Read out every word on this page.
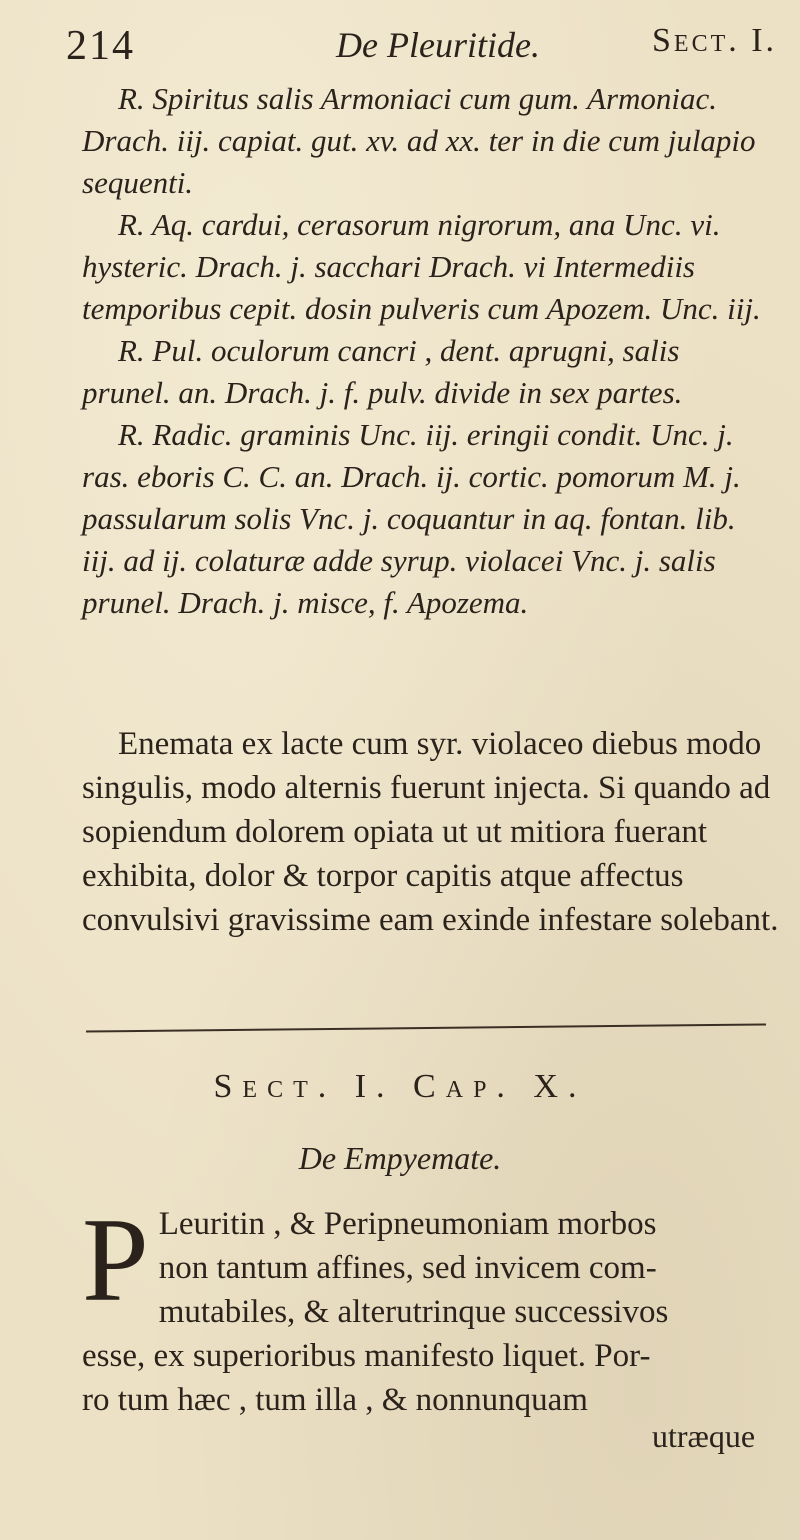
214	De Pleuritide.	Sect. I.

R. Spiritus salis Armoniaci cum gum. Armoniac. Drach. iij. capiat. gut. xv. ad xx. ter in die cum julapio sequenti.

R. Aq. cardui, cerasorum nigrorum, ana Unc. vi. hysteric. Drach. j. sacchari Drach. vi Intermediis temporibus cepit. dosin pulveris cum Apozem. Unc. iij.

R. Pul. oculorum cancri , dent. aprugni, salis prunel. an. Drach. j. f. pulv. divide in sex partes.

R. Radic. graminis Unc. iij. eringii condit. Unc. j. ras. eboris C. C. an. Drach. ij. cortic. pomorum M. j. passularum solis Vnc. j. coquantur in aq. fontan. lib. iij. ad ij. colaturæ adde syrup. violacei Vnc. j. salis prunel. Drach. j. misce, f. Apozema.

Enemata ex lacte cum syr. violaceo diebus modo singulis, modo alternis fuerunt injecta. Si quando ad sopiendum dolorem opiata ut ut mitiora fuerant exhibita, dolor & torpor capitis atque affectus convulsivi gravissime eam exinde infestare solebant.

Sect. I. Cap. X.
De Empyemate.
P Leuritin , & Peripneumoniam morbos
non tantum affines, sed invicem com-
mutabiles, & alterutrinque successivos
esse, ex superioribus manifesto liquet. Por-
ro tum hæc , tum illa , & nonnunquam
utræque
